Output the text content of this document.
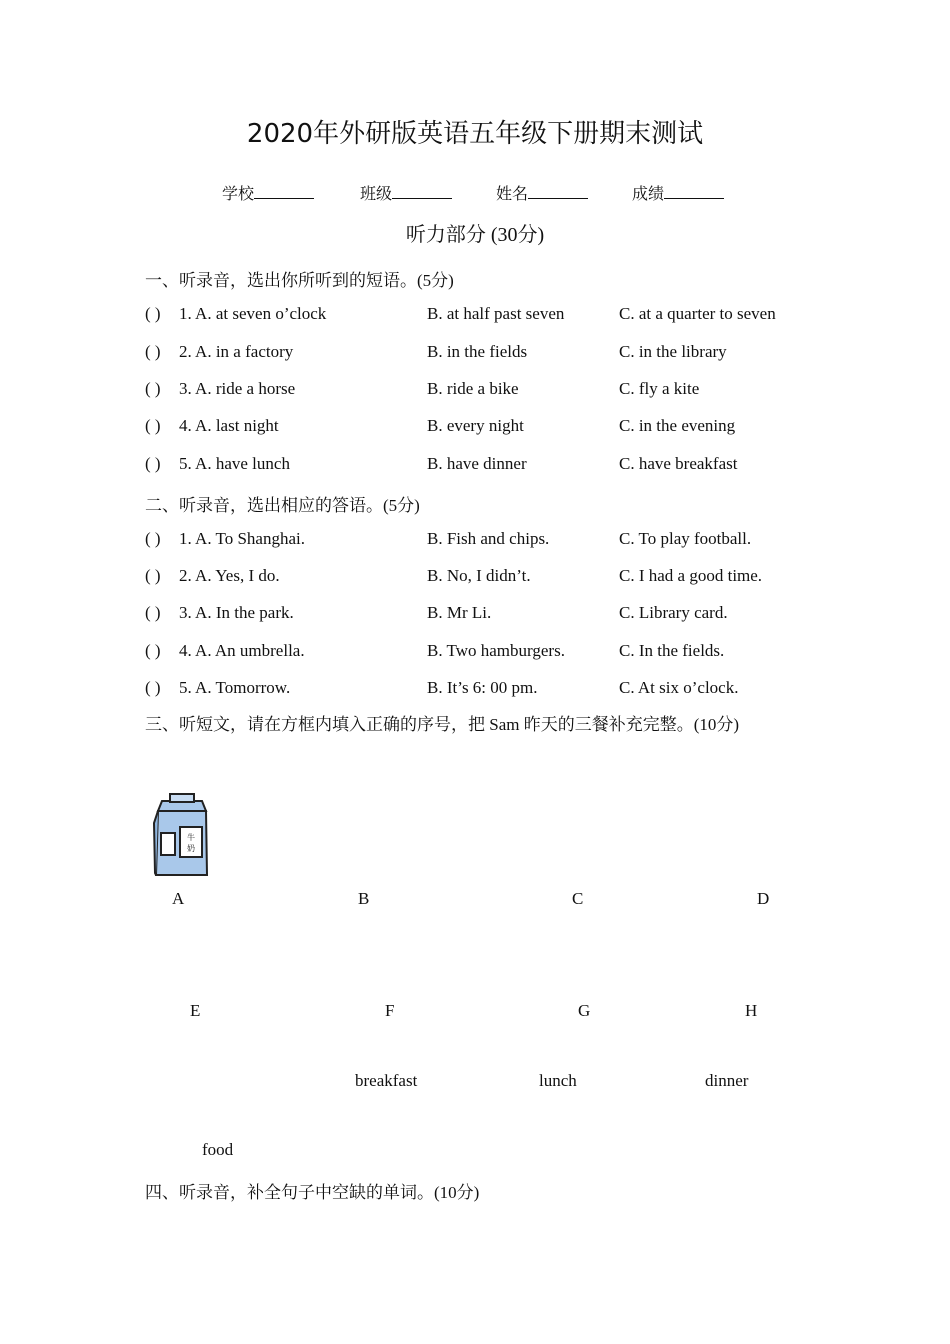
2020年外研版英语五年级下册期末测试
学校	班级	姓名	成绩
听力部分 (30分)
一、听录音，选出你所听到的短语。(5分)
( ) 1. A. at seven o’clock	B. at half past seven	C. at a quarter to seven
( ) 2. A. in a factory	B. in the fields	C. in the library
( ) 3. A. ride a horse	B. ride a bike	C. fly a kite
( ) 4. A. last night	B. every night	C. in the evening
( ) 5. A. have lunch	B. have dinner	C. have breakfast
二、听录音，选出相应的答语。(5分)
( ) 1. A. To Shanghai.	B. Fish and chips.	C. To play football.
( ) 2. A. Yes, I do.	B. No, I didn’t.	C. I had a good time.
( ) 3. A. In the park.	B. Mr Li.	C. Library card.
( ) 4. A. An umbrella.	B. Two hamburgers.	C. In the fields.
( ) 5. A. Tomorrow.	B. It’s 6: 00 pm.	C. At six o’clock.
三、听短文，请在方框内填入正确的序号，把 Sam 昨天的三餐补充完整。(10分)
牛
奶
A	B	C	D
E	F	G	H
breakfast	lunch	dinner
food
四、听录音，补全句子中空缺的单词。(10分)
